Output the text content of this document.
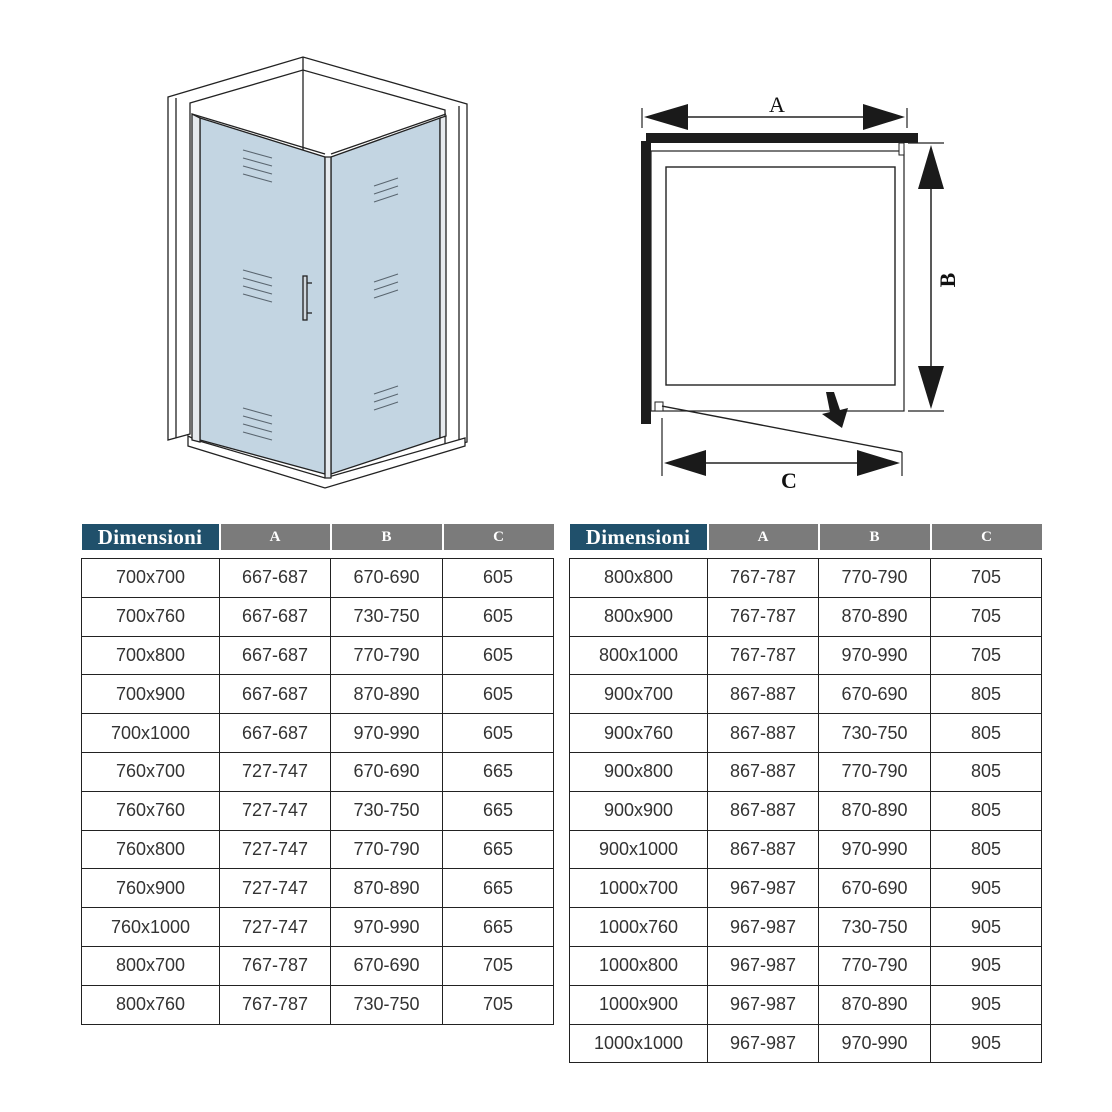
A
B
C
Dimensioni	A	B	C

700x700	667-687	670-690	605
700x760	667-687	730-750	605
700x800	667-687	770-790	605
700x900	667-687	870-890	605
700x1000	667-687	970-990	605
760x700	727-747	670-690	665
760x760	727-747	730-750	665
760x800	727-747	770-790	665
760x900	727-747	870-890	665
760x1000	727-747	970-990	665
800x700	767-787	670-690	705
800x760	767-787	730-750	705
Dimensioni	A	B	C

800x800	767-787	770-790	705
800x900	767-787	870-890	705
800x1000	767-787	970-990	705
900x700	867-887	670-690	805
900x760	867-887	730-750	805
900x800	867-887	770-790	805
900x900	867-887	870-890	805
900x1000	867-887	970-990	805
1000x700	967-987	670-690	905
1000x760	967-987	730-750	905
1000x800	967-987	770-790	905
1000x900	967-987	870-890	905
1000x1000	967-987	970-990	905
